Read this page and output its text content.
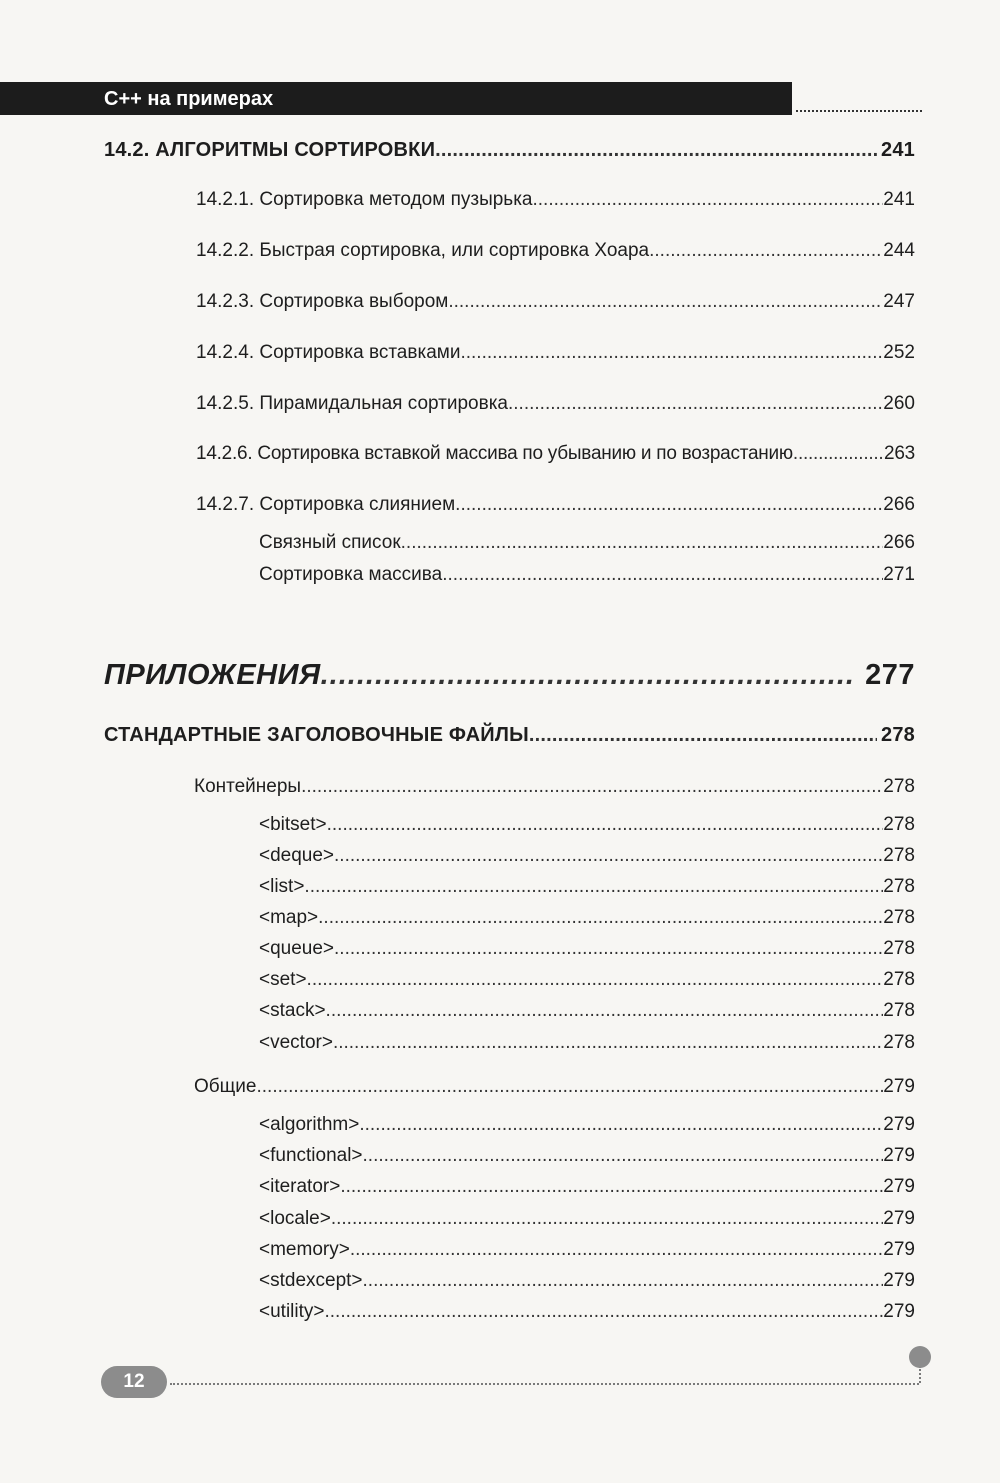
C++ на примерах
14.2. АЛГОРИТМЫ СОРТИРОВКИ .....	241
14.2.1. Сортировка методом пузырька .....	241
14.2.2. Быстрая сортировка, или сортировка Хоара .....	244
14.2.3. Сортировка выбором .....	247
14.2.4. Сортировка вставками .....	252
14.2.5. Пирамидальная сортировка .....	260
14.2.6. Сортировка вставкой массива по убыванию и по возрастанию .....	263
14.2.7. Сортировка слиянием .....	266
Связный список .....	266
Сортировка массива .....	271
ПРИЛОЖЕНИЯ .....	277
СТАНДАРТНЫЕ ЗАГОЛОВОЧНЫЕ ФАЙЛЫ .....	278
Контейнеры .....	278
<bitset> .....	278
<deque> .....	278
<list> .....	278
<map> .....	278
<queue> .....	278
<set> .....	278
<stack> .....	278
<vector> .....	278
Общие .....	279
<algorithm> .....	279
<functional> .....	279
<iterator> .....	279
<locale> .....	279
<memory> .....	279
<stdexcept> .....	279
<utility> .....	279
12
